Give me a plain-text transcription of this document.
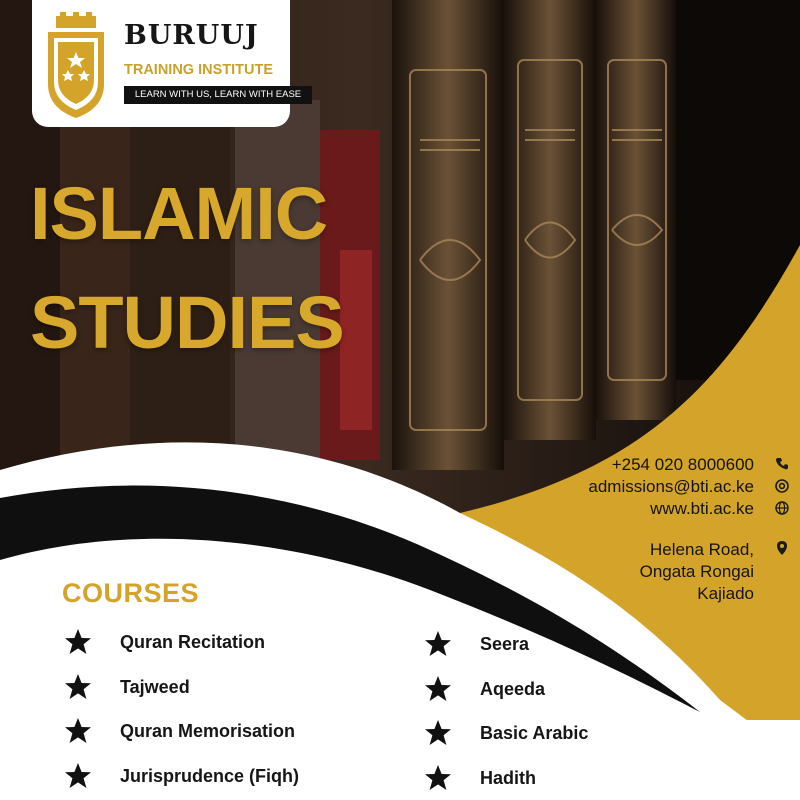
BURUUJ
TRAINING INSTITUTE
LEARN WITH US, LEARN WITH EASE
ISLAMIC
STUDIES
+254 020 8000600
admissions@bti.ac.ke
www.bti.ac.ke
Helena Road,
Ongata Rongai
Kajiado
COURSES
Quran Recitation
Tajweed
Quran Memorisation
Jurisprudence (Fiqh)
Seera
Aqeeda
Basic Arabic
Hadith
